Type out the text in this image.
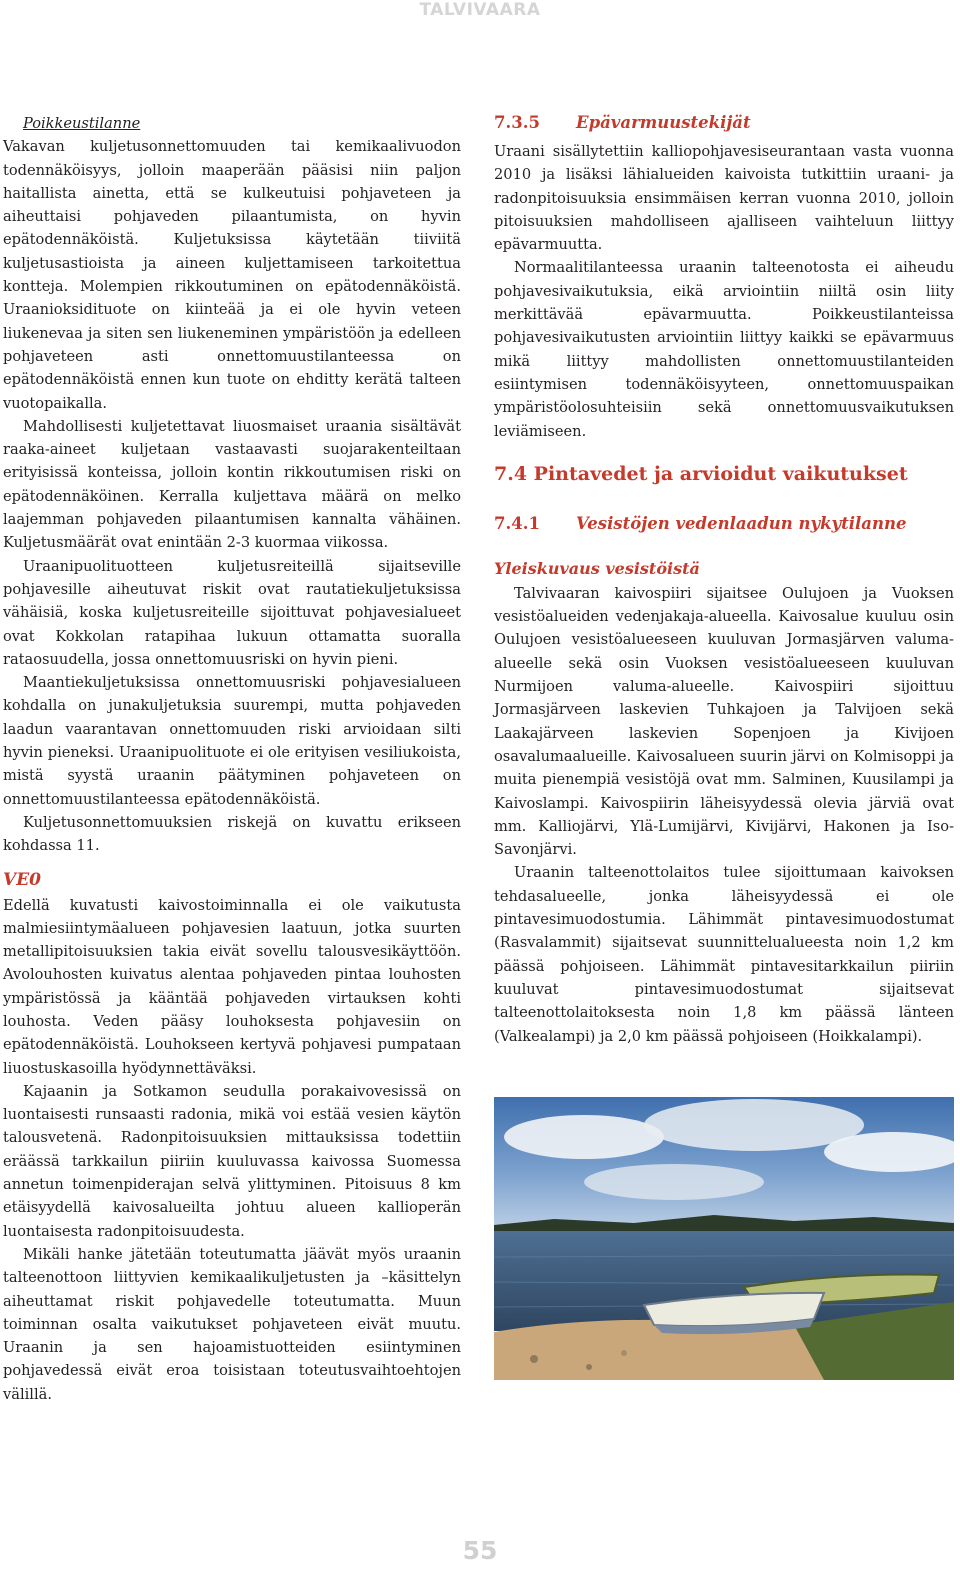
TALVIVAARA

Poikkeustilanne

Vakavan kuljetusonnettomuuden tai kemikaalivuodon todennäköisyys, jolloin maaperään pääsisi niin paljon haitallista ainetta, että se kulkeutuisi pohjaveteen ja aiheuttaisi pohjaveden pilaantumista, on hyvin epätodennäköistä. Kuljetuksissa käytetään tiiviitä kuljetusastioista ja aineen kuljettamiseen tarkoitettua kontteja. Molempien rikkoutuminen on epätodennäköistä. Uraanioksidituote on kiinteää ja ei ole hyvin veteen liukenevaa ja siten sen liukeneminen ympäristöön ja edelleen pohjaveteen asti onnettomuustilanteessa on epätodennäköistä ennen kun tuote on ehditty kerätä talteen vuotopaikalla.

Mahdollisesti kuljetettavat liuosmaiset uraania sisältävät raaka-aineet kuljetaan vastaavasti suojarakenteiltaan erityisissä konteissa, jolloin kontin rikkoutumisen riski on epätodennäköinen. Kerralla kuljettava määrä on melko laajemman pohjaveden pilaantumisen kannalta vähäinen. Kuljetusmäärät ovat enintään 2-3 kuormaa viikossa.

Uraanipuolituotteen kuljetusreiteillä sijaitseville pohjavesille aiheutuvat riskit ovat rautatiekuljetuksissa vähäisiä, koska kuljetusreiteille sijoittuvat pohjavesialueet ovat Kokkolan ratapihaa lukuun ottamatta suoralla rataosuudella, jossa onnettomuusriski on hyvin pieni.

Maantiekuljetuksissa onnettomuusriski pohjavesialueen kohdalla on junakuljetuksia suurempi, mutta pohjaveden laadun vaarantavan onnettomuuden riski arvioidaan silti hyvin pieneksi. Uraanipuolituote ei ole erityisen vesiliukoista, mistä syystä uraanin päätyminen pohjaveteen on onnettomuustilanteessa epätodennäköistä.

Kuljetusonnettomuuksien riskejä on kuvattu erikseen kohdassa 11.

VE0

Edellä kuvatusti kaivostoiminnalla ei ole vaikutusta malmiesiintymäalueen pohjavesien laatuun, jotka suurten metallipitoisuuksien takia eivät sovellu talousvesikäyttöön. Avolouhosten kuivatus alentaa pohjaveden pintaa louhosten ympäristössä ja kääntää pohjaveden virtauksen kohti louhosta. Veden pääsy louhoksesta pohjavesiin on epätodennäköistä. Louhokseen kertyvä pohjavesi pumpataan liuostuskasoilla hyödynnettäväksi.

Kajaanin ja Sotkamon seudulla porakaivovesissä on luontaisesti runsaasti radonia, mikä voi estää vesien käytön talousvetenä. Radonpitoisuuksien mittauksissa todettiin eräässä tarkkailun piiriin kuuluvassa kaivossa Suomessa annetun toimenpiderajan selvä ylittyminen. Pitoisuus 8 km etäisyydellä kaivosalueilta johtuu alueen kallioperän luontaisesta radonpitoisuudesta.

Mikäli hanke jätetään toteutumatta jäävät myös uraanin talteenottoon liittyvien kemikaalikuljetusten ja –käsittelyn aiheuttamat riskit pohjavedelle toteutumatta. Muun toiminnan osalta vaikutukset pohjaveteen eivät muutu. Uraanin ja sen hajoamistuotteiden esiintyminen pohjavedessä eivät eroa toisistaan toteutusvaihtoehtojen välillä.

7.3.5 Epävarmuustekijät

Uraani sisällytettiin kalliopohjavesiseurantaan vasta vuonna 2010 ja lisäksi lähialueiden kaivoista tutkittiin uraani- ja radonpitoisuuksia ensimmäisen kerran vuonna 2010, jolloin pitoisuuksien mahdolliseen ajalliseen vaihteluun liittyy epävarmuutta.

Normaalitilanteessa uraanin talteenotosta ei aiheudu pohjavesivaikutuksia, eikä arviointiin niiltä osin liity merkittävää epävarmuutta. Poikkeustilanteissa pohjavesivaikutusten arviointiin liittyy kaikki se epävarmuus mikä liittyy mahdollisten onnettomuustilanteiden esiintymisen todennäköisyyteen, onnettomuuspaikan ympäristöolosuhteisiin sekä onnettomuusvaikutuksen leviämiseen.

7.4 Pintavedet ja arvioidut vaikutukset
7.4.1 Vesistöjen vedenlaadun nykytilanne
Yleiskuvaus vesistöistä

Talvivaaran kaivospiiri sijaitsee Oulujoen ja Vuoksen vesistöalueiden vedenjakaja-alueella. Kaivosalue kuuluu osin Oulujoen vesistöalueeseen kuuluvan Jormasjärven valuma-alueelle sekä osin Vuoksen vesistöalueeseen kuuluvan Nurmijoen valuma-alueelle. Kaivospiiri sijoittuu Jormasjärveen laskevien Tuhkajoen ja Talvijoen sekä Laakajärveen laskevien Sopenjoen ja Kivijoen osavalumaalueille. Kaivosalueen suurin järvi on Kolmisoppi ja muita pienempiä vesistöjä ovat mm. Salminen, Kuusilampi ja Kaivoslampi. Kaivospiirin läheisyydessä olevia järviä ovat mm. Kalliojärvi, Ylä-Lumijärvi, Kivijärvi, Hakonen ja Iso-Savonjärvi.

Uraanin talteenottolaitos tulee sijoittumaan kaivoksen tehdasalueelle, jonka läheisyydessä ei ole pintavesimuodostumia. Lähimmät pintavesimuodostumat (Rasvalammit) sijaitsevat suunnittelualueesta noin 1,2 km päässä pohjoiseen. Lähimmät pintavesitarkkailun piiriin kuuluvat pintavesimuodostumat sijaitsevat talteenottolaitoksesta noin 1,8 km päässä länteen (Valkealampi) ja 2,0 km päässä pohjoiseen (Hoikkalampi).

55
